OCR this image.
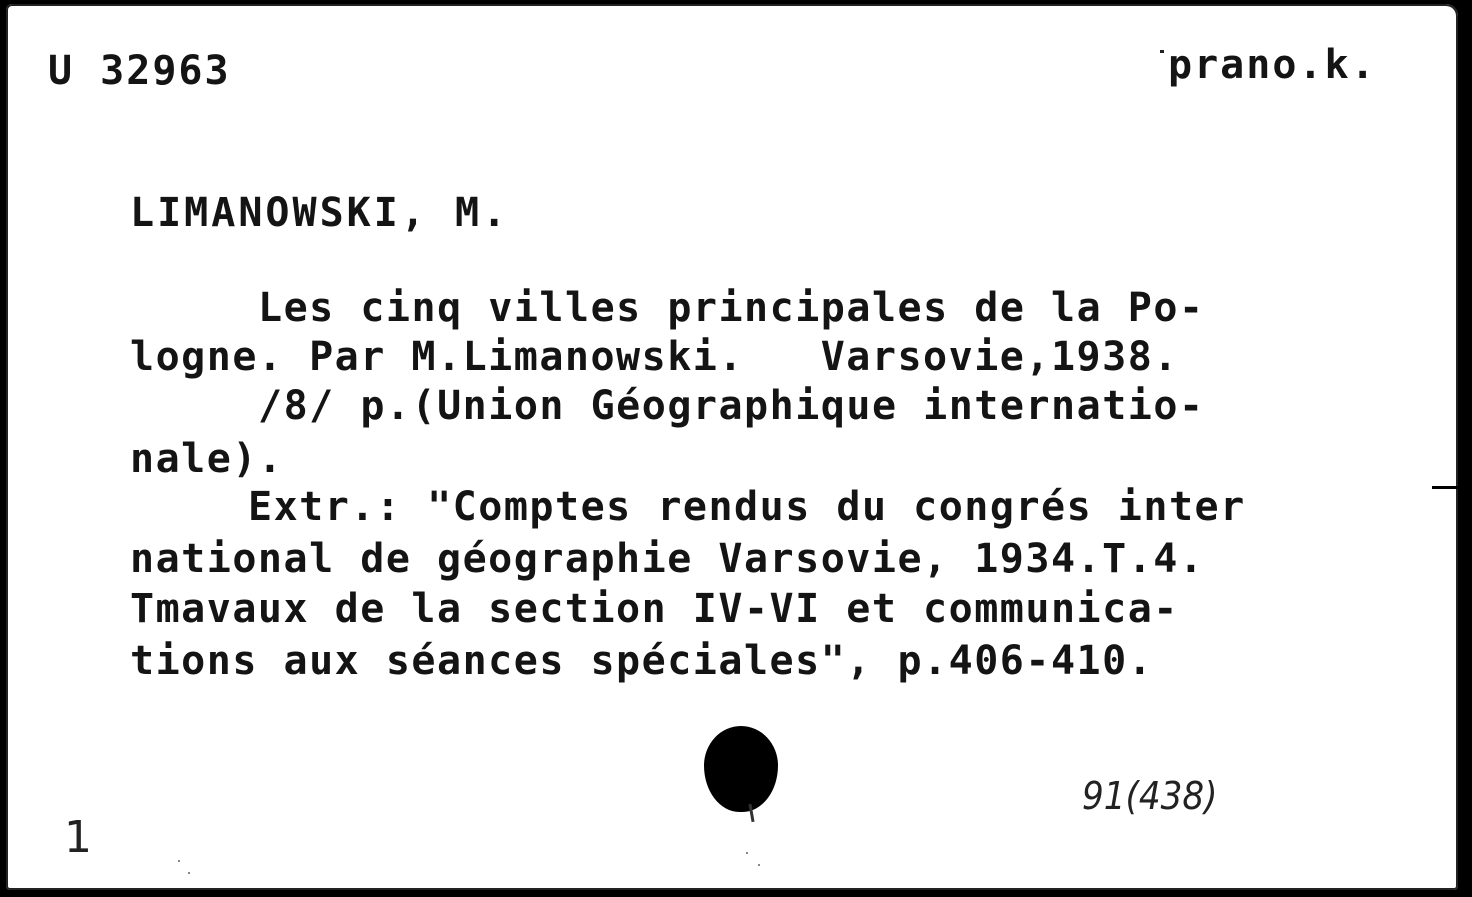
U 32963	prano.k.
LIMANOWSKI, M.
Les cinq villes principales de la Po-
logne. Par M.Limanowski.   Varsovie,1938.
/8/ p.(Union Géographique internatio-
nale).
Extr.: "Comptes rendus du congrés inter
national de géographie Varsovie, 1934.T.4.
Tmavaux de la section IV-VI et communica-
tions aux séances spéciales", p.406-410.
91(438)
1
